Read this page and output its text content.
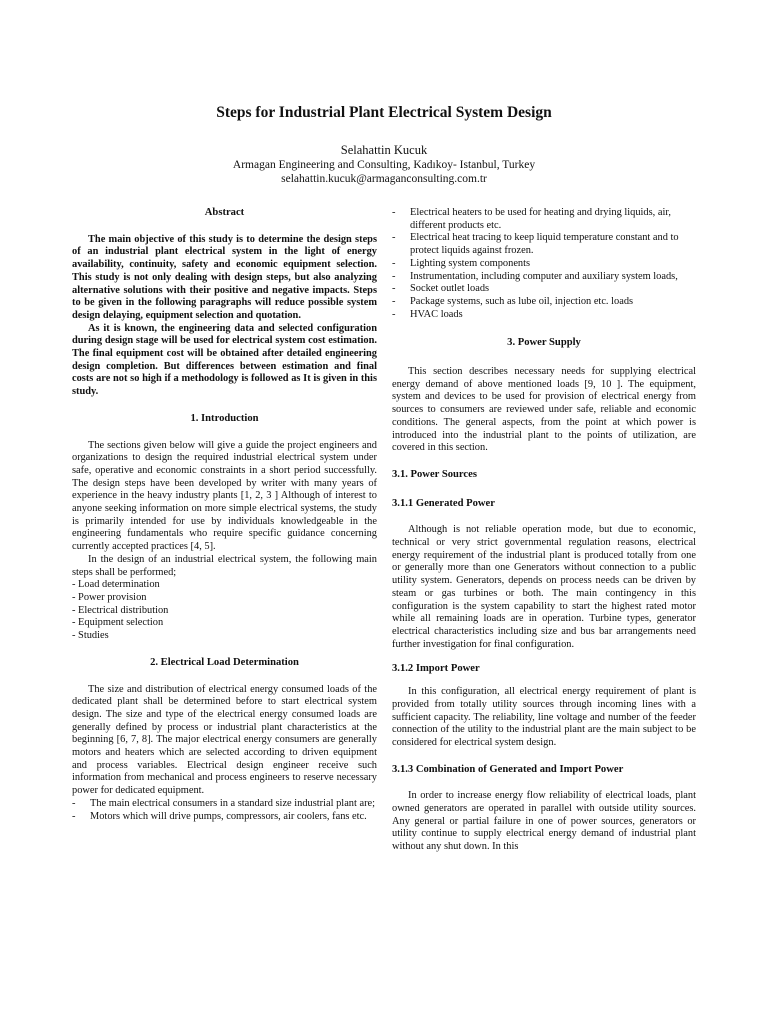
Steps for Industrial Plant Electrical System Design
Selahattin Kucuk
Armagan Engineering and Consulting, Kadıkoy- Istanbul, Turkey
selahattin.kucuk@armaganconsulting.com.tr

Abstract

The main objective of this study is to determine the design steps of an industrial plant electrical system in the light of energy availability, continuity, safety and economic equipment selection. This study is not only dealing with design steps, but also analyzing alternative solutions with their positive and negative impacts. Steps to be given in the following paragraphs will reduce possible system design delaying, equipment selection and quotation.

As it is known, the engineering data and selected configuration during design stage will be used for electrical system cost estimation. The final equipment cost will be obtained after detailed engineering design completion. But differences between estimation and final costs are not so high if a methodology is followed as It is given in this study.

1. Introduction

The sections given below will give a guide the project engineers and organizations to design the required industrial electrical system under safe, operative and economic constraints in a short period successfully. The design steps have been developed by writer with many years of experience in the heavy industry plants [1, 2, 3 ] Although of interest to anyone seeking information on more simple electrical systems, the study is primarily intended for use by individuals knowledgeable in the engineering fundamentals who require specific guidance concerning currently accepted practices [4, 5].

In the design of an industrial electrical system, the following main steps shall be performed;

- Load determination
- Power provision
- Electrical distribution
- Equipment selection
- Studies

2. Electrical Load Determination

The size and distribution of electrical energy consumed loads of the dedicated plant shall be determined before to start electrical system design. The size and type of the electrical energy consumed loads are generally defined by process or industrial plant characteristics at the beginning [6, 7, 8]. The major electrical energy consumers are generally motors and heaters which are selected according to driven equipment and process variables. Electrical design engineer receive such information from mechanical and process engineers to reserve necessary power for dedicated equipment.

- The main electrical consumers in a standard size industrial plant are;
- Motors which will drive pumps, compressors, air coolers, fans etc.
- Electrical heaters to be used for heating and drying liquids, air, different products etc.
- Electrical heat tracing to keep liquid temperature constant and to protect liquids against frozen.
- Lighting system components
- Instrumentation, including computer and auxiliary system loads,
- Socket outlet loads
- Package systems, such as lube oil, injection etc. loads
- HVAC loads

3. Power Supply

This section describes necessary needs for supplying electrical energy demand of above mentioned loads [9, 10 ]. The equipment, system and devices to be used for provision of electrical energy from sources to consumers are reviewed under safe, reliable and economic conditions. The general aspects, from the point at which power is introduced into the industrial plant to the points of utilization, are covered in this section.

3.1. Power Sources

3.1.1 Generated Power

Although is not reliable operation mode, but due to economic, technical or very strict governmental regulation reasons, electrical energy requirement of the industrial plant is produced totally from one or generally more than one Generators without connection to a public utility system. Generators, depends on process needs can be driven by steam or gas turbines or both. The main contingency in this configuration is the system capability to start the highest rated motor while all remaining loads are in operation. Turbine types, generator electrical characteristics including size and bus bar arrangements need further investigation for final configuration.

3.1.2 Import Power

In this configuration, all electrical energy requirement of plant is provided from totally utility sources through incoming lines with a sufficient capacity. The reliability, line voltage and number of the feeder connection of the utility to the industrial plant are the main subject to be considered for electrical system design.

3.1.3 Combination of Generated and Import Power

In order to increase energy flow reliability of electrical loads, plant owned generators are operated in parallel with outside utility sources. Any general or partial failure in one of power sources, generators or utility continue to supply electrical energy demand of industrial plant without any shut down. In this
